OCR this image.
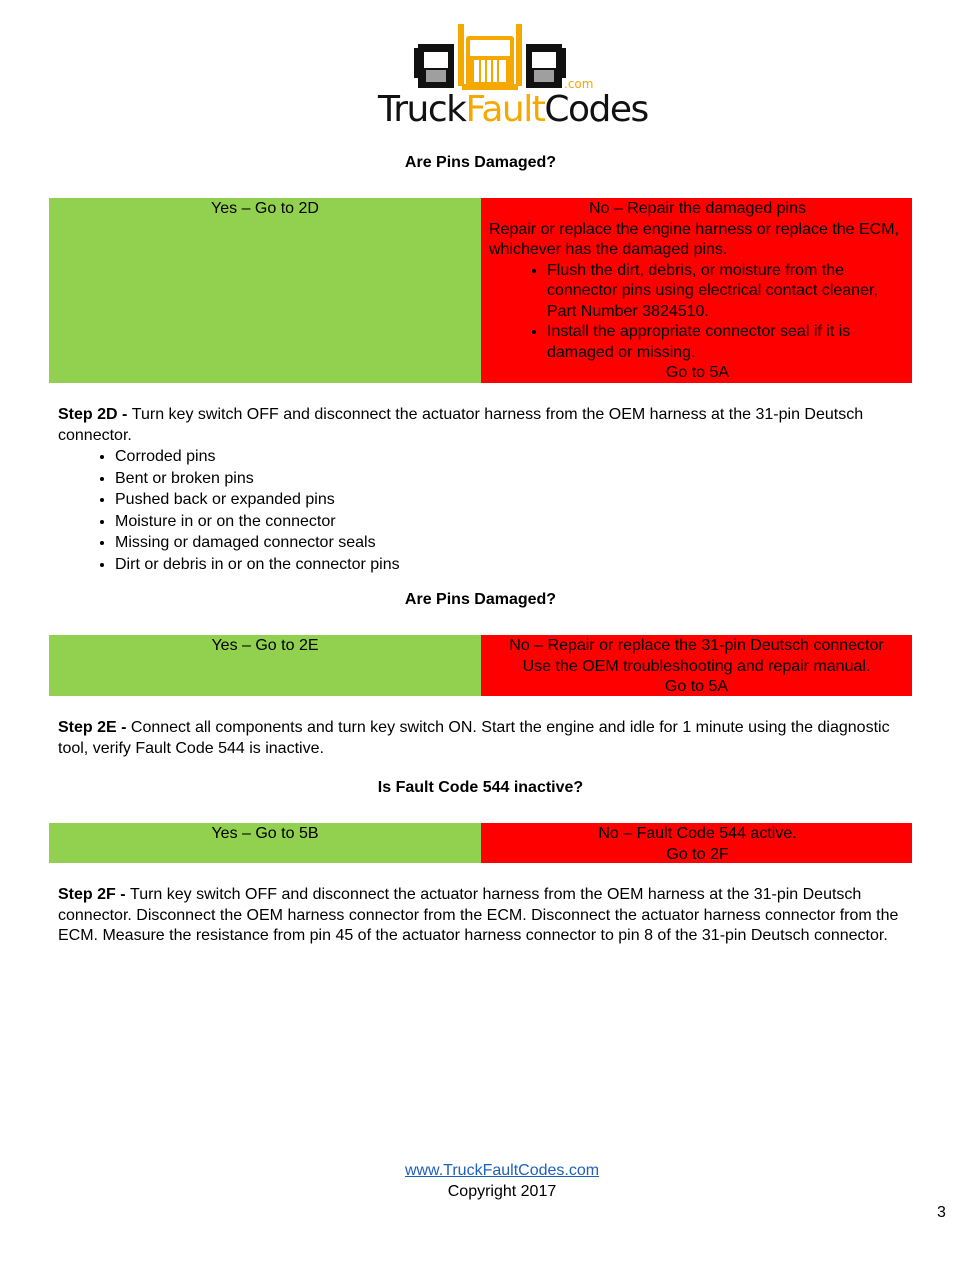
.com
TruckFaultCodes
Are Pins Damaged?
Yes – Go to 2D	No – Repair the damaged pins
Repair or replace the engine harness or replace the ECM, whichever has the damaged pins.
• Flush the dirt, debris, or moisture from the connector pins using electrical contact cleaner, Part Number 3824510.
• Install the appropriate connector seal if it is damaged or missing.
Go to 5A
Step 2D - Turn key switch OFF and disconnect the actuator harness from the OEM harness at the 31-pin Deutsch connector.
• Corroded pins
• Bent or broken pins
• Pushed back or expanded pins
• Moisture in or on the connector
• Missing or damaged connector seals
• Dirt or debris in or on the connector pins
Are Pins Damaged?
Yes – Go to 2E	No – Repair or replace the 31-pin Deutsch connector
Use the OEM troubleshooting and repair manual.
Go to 5A
Step 2E - Connect all components and turn key switch ON. Start the engine and idle for 1 minute using the diagnostic tool, verify Fault Code 544 is inactive.
Is Fault Code 544 inactive?
Yes – Go to 5B	No – Fault Code 544 active.
Go to 2F
Step 2F - Turn key switch OFF and disconnect the actuator harness from the OEM harness at the 31-pin Deutsch connector. Disconnect the OEM harness connector from the ECM. Disconnect the actuator harness connector from the ECM. Measure the resistance from pin 45 of the actuator harness connector to pin 8 of the 31-pin Deutsch connector.
www.TruckFaultCodes.com
Copyright 2017
3
